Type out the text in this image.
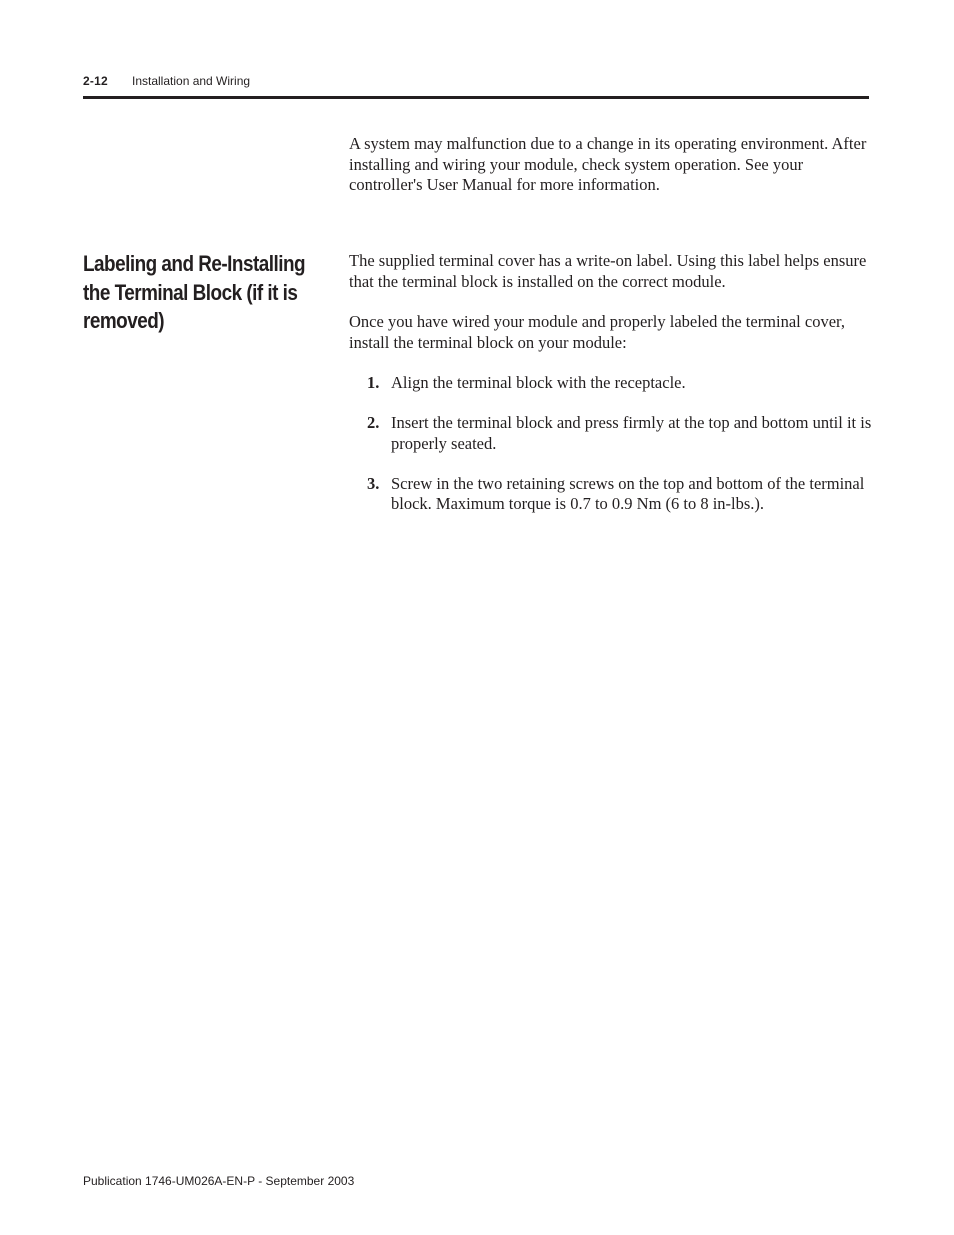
2-12 Installation and Wiring

A system may malfunction due to a change in its operating environment. After installing and wiring your module, check system operation. See your controller's User Manual for more information.

Labeling and Re-Installing
the Terminal Block (if it is
removed)

The supplied terminal cover has a write-on label. Using this label helps ensure that the terminal block is installed on the correct module.

Once you have wired your module and properly labeled the terminal cover, install the terminal block on your module:

1. Align the terminal block with the receptacle.
2. Insert the terminal block and press firmly at the top and bottom until it is properly seated.
3. Screw in the two retaining screws on the top and bottom of the terminal block. Maximum torque is 0.7 to 0.9 Nm (6 to 8 in-lbs.).
Publication 1746-UM026A-EN-P - September 2003
